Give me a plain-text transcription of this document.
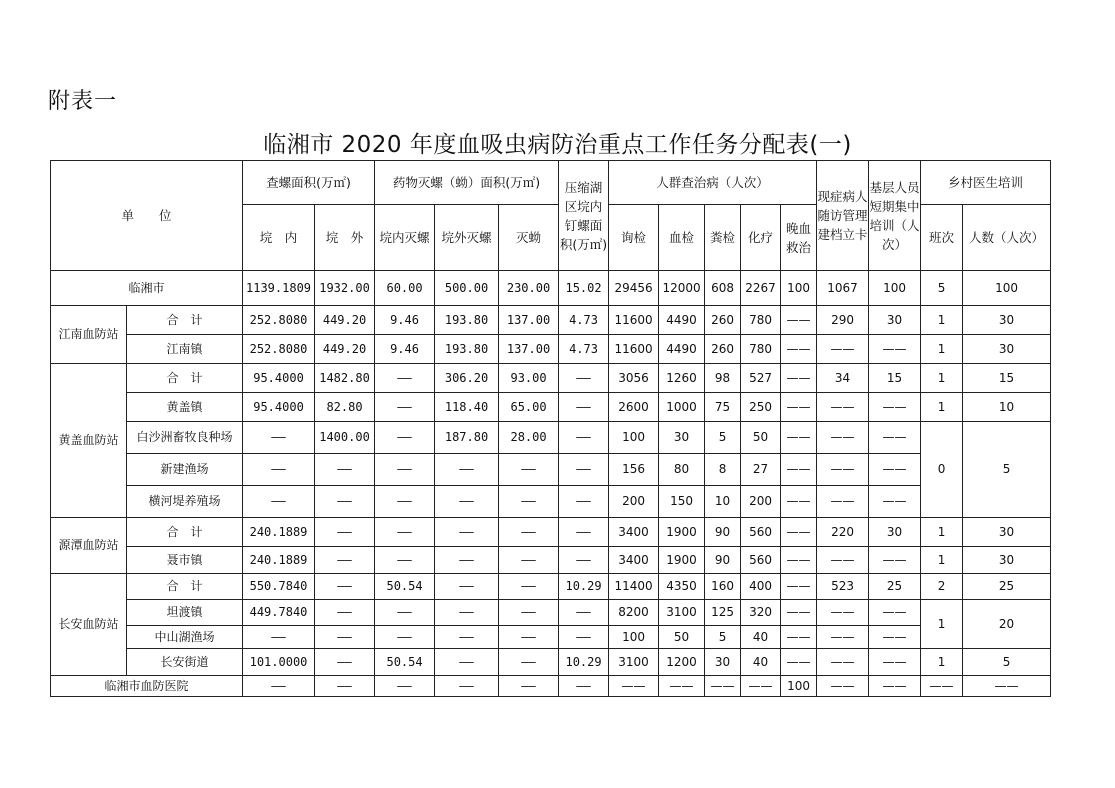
附表一
临湘市 2020 年度血吸虫病防治重点工作任务分配表(一)
单　　位		查螺面积(万㎡)		药物灭螺（蚴）面积(万㎡)			压缩湖区垸内钉螺面积(万㎡)	人群查治病（人次）					现症病人随访管理建档立卡	基层人员短期集中培训（人次）	乡村医生培训	
		垸　内	垸　外	垸内灭螺	垸外灭螺	灭蚴		询检	血检	粪检	化疗	晚血救治			班次	人数（人次）
临湘市		1139.1809	1932.00	60.00	500.00	230.00	15.02	29456	12000	608	2267	100	1067	100	5	100
江南血防站	合　计	252.8080	449.20	9.46	193.80	137.00	4.73	11600	4490	260	780	——	290	30	1	30
	江南镇	252.8080	449.20	9.46	193.80	137.00	4.73	11600	4490	260	780	——	——	——	1	30
黄盖血防站	合　计	95.4000	1482.80	——	306.20	93.00	——	3056	1260	98	527	——	34	15	1	15
	黄盖镇	95.4000	82.80	——	118.40	65.00	——	2600	1000	75	250	——	——	——	1	10
	白沙洲畜牧良种场	——	1400.00	——	187.80	28.00	——	100	30	5	50	——	——	——	0	5
	新建渔场	——	——	——	——	——	——	156	80	8	27	——	——	——		
	横河堤养殖场	——	——	——	——	——	——	200	150	10	200	——	——	——		
源潭血防站	合　计	240.1889	——	——	——	——	——	3400	1900	90	560	——	220	30	1	30
	聂市镇	240.1889	——	——	——	——	——	3400	1900	90	560	——	——	——	1	30
长安血防站	合　计	550.7840	——	50.54	——	——	10.29	11400	4350	160	400	——	523	25	2	25
	坦渡镇	449.7840	——	——	——	——	——	8200	3100	125	320	——	——	——	1	20
	中山湖渔场	——	——	——	——	——	——	100	50	5	40	——	——	——		
	长安街道	101.0000	——	50.54	——	——	10.29	3100	1200	30	40	——	——	——	1	5
临湘市血防医院		——	——	——	——	——	——	——	——	——	——	100	——	——	——	——
